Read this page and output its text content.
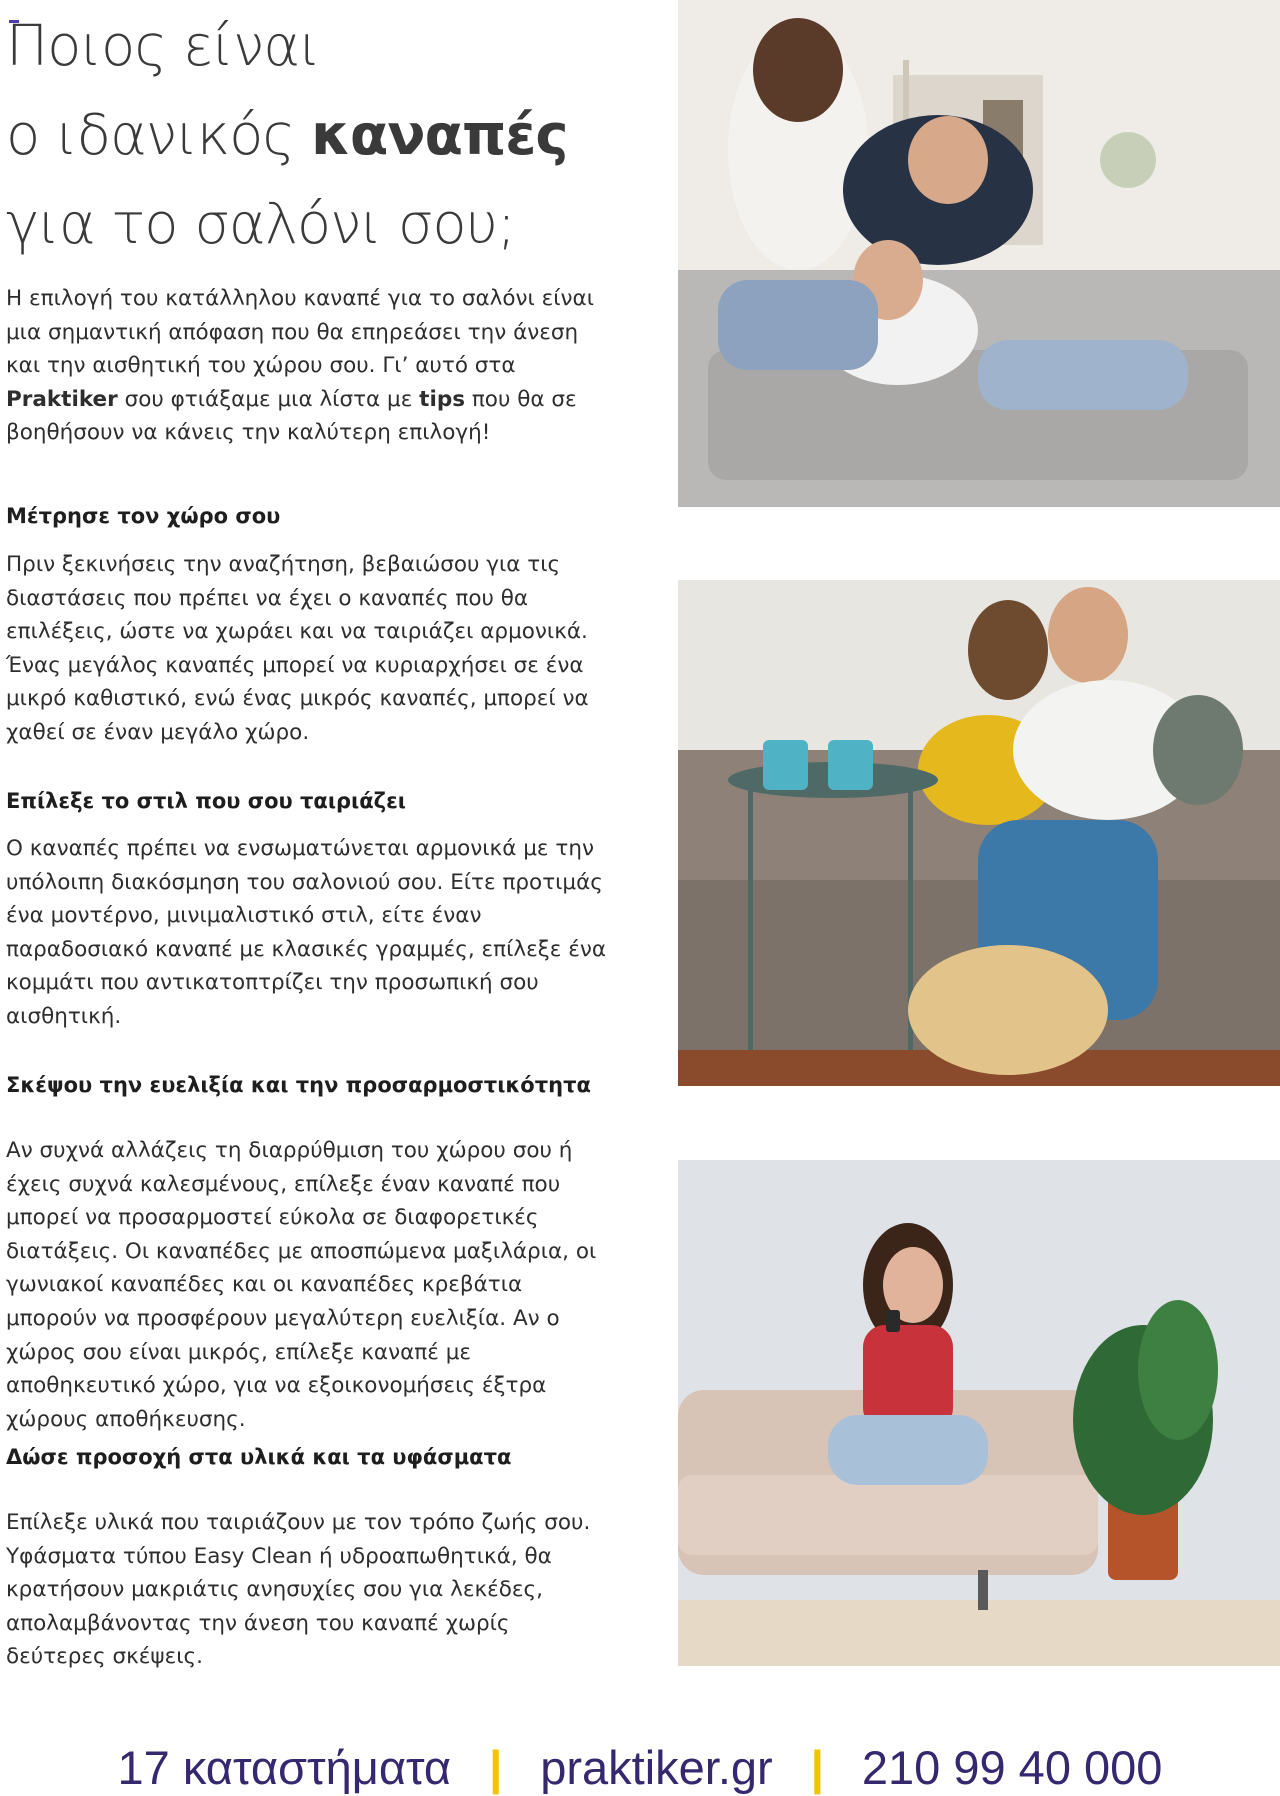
Ποιος είναι
ο ιδανικός καναπές
για το σαλόνι σου;

Η επιλογή του κατάλληλου καναπέ για το σαλόνι είναι μια σημαντική απόφαση που θα επηρεάσει την άνεση και την αισθητική του χώρου σου. Γι’ αυτό στα Praktiker σου φτιάξαμε μια λίστα με tips που θα σε βοηθήσουν να κάνεις την καλύτερη επιλογή!

Μέτρησε τον χώρο σου

Πριν ξεκινήσεις την αναζήτηση, βεβαιώσου για τις διαστάσεις που πρέπει να έχει ο καναπές που θα επιλέξεις, ώστε να χωράει και να ταιριάζει αρμονικά. Ένας μεγάλος καναπές μπορεί να κυριαρχήσει σε ένα μικρό καθιστικό, ενώ ένας μικρός καναπές, μπορεί να χαθεί σε έναν μεγάλο χώρο.

Επίλεξε το στιλ που σου ταιριάζει

Ο καναπές πρέπει να ενσωματώνεται αρμονικά με την υπόλοιπη διακόσμηση του σαλονιού σου. Είτε προτιμάς ένα μοντέρνο, μινιμαλιστικό στιλ, είτε έναν παραδοσιακό καναπέ με κλασικές γραμμές, επίλεξε ένα κομμάτι που αντικατοπτρίζει την προσωπική σου αισθητική.

Σκέψου την ευελιξία και την προσαρμοστικότητα

Αν συχνά αλλάζεις τη διαρρύθμιση του χώρου σου ή έχεις συχνά καλεσμένους, επίλεξε έναν καναπέ που μπορεί να προσαρμοστεί εύκολα σε διαφορετικές διατάξεις. Οι καναπέδες με αποσπώμενα μαξιλάρια, οι γωνιακοί καναπέδες και οι καναπέδες κρεβάτια μπορούν να προσφέρουν μεγαλύτερη ευελιξία. Αν ο χώρος σου είναι μικρός, επίλεξε καναπέ με αποθηκευτικό χώρο, για να εξοικονομήσεις έξτρα χώρους αποθήκευσης.

Δώσε προσοχή στα υλικά και τα υφάσματα

Επίλεξε υλικά που ταιριάζουν με τον τρόπο ζωής σου. Υφάσματα τύπου Easy Clean ή υδροαπωθητικά, θα κρατήσουν μακριάτις ανησυχίες σου για λεκέδες, απολαμβάνοντας την άνεση του καναπέ χωρίς δεύτερες σκέψεις.

17 καταστήματα | praktiker.gr | 210 99 40 000
